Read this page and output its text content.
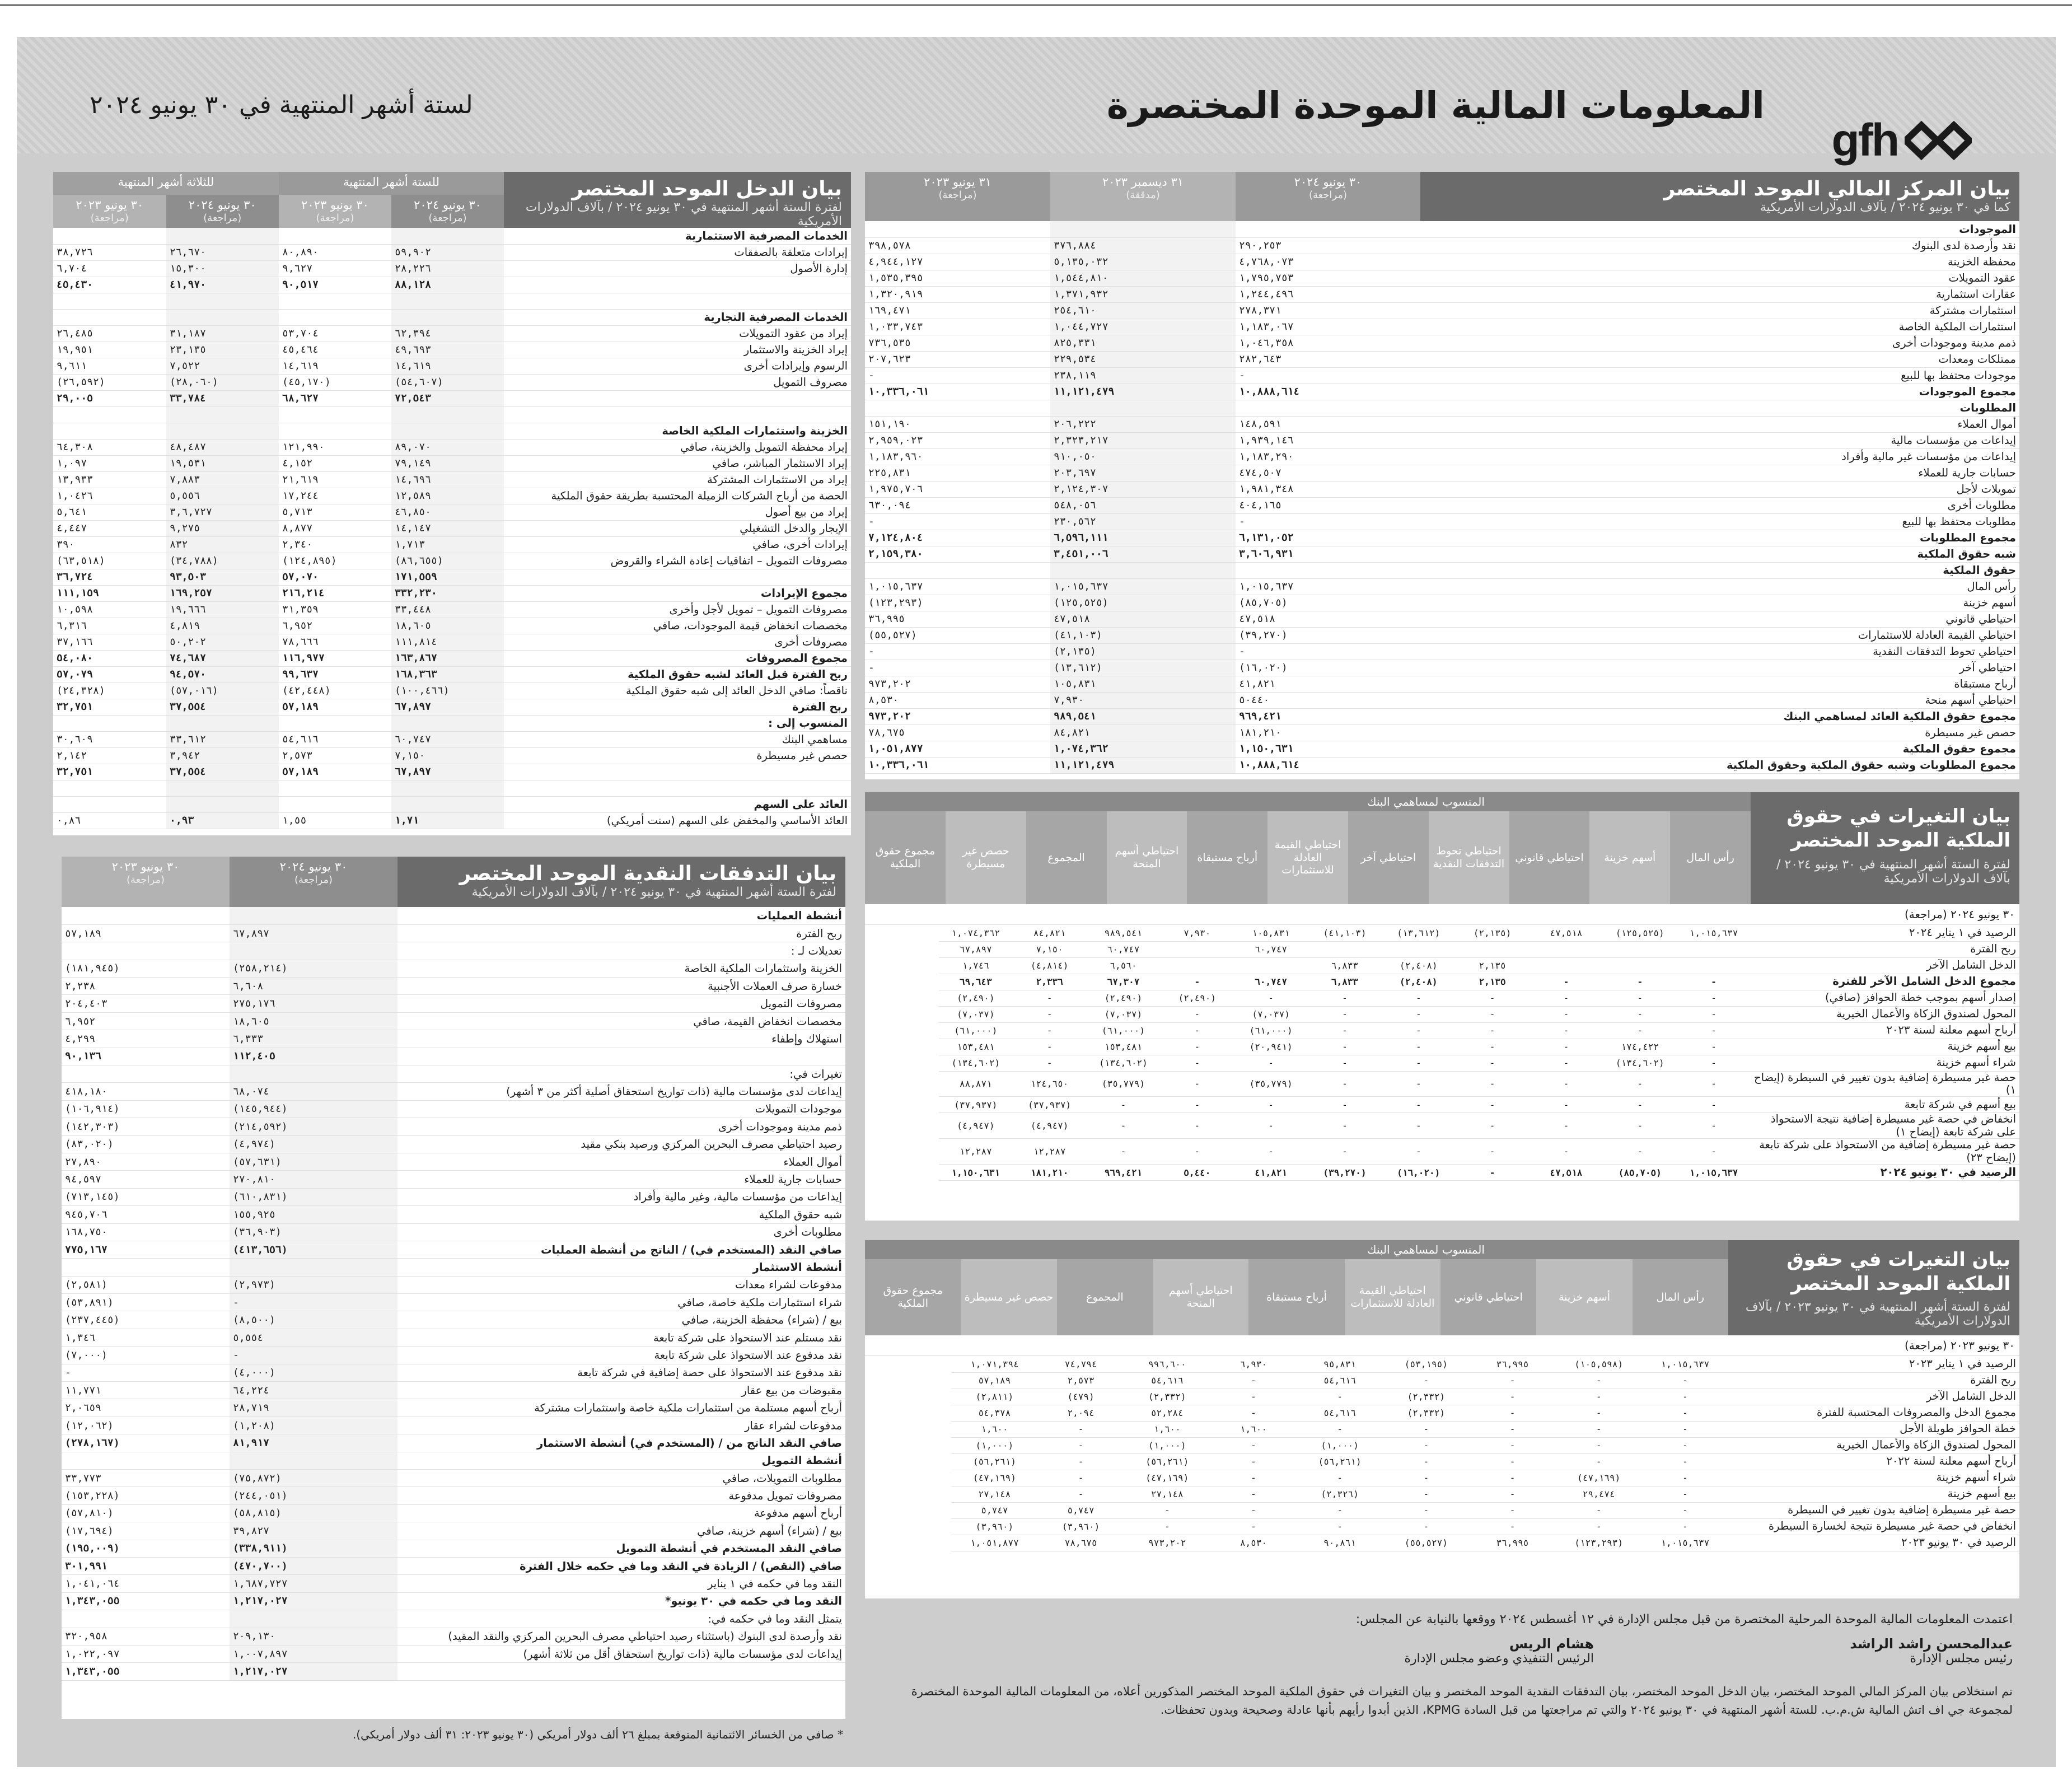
gfh
المعلومات المالية الموحدة المختصرة
لستة أشهر المنتهية في ٣٠ يونيو ٢٠٢٤
بيان المركز المالي الموحد المختصر
كما في ٣٠ يونيو ٢٠٢٤ / بآلاف الدولارات الأمريكية
٣٠ يونيو ٢٠٢٤
(مراجعة)
٣١ ديسمبر ٢٠٢٣
(مدققة)
٣١ يونيو ٢٠٢٣
(مراجعة)
الموجودات			
نقد وأرصدة لدى البنوك	٢٩٠,٢٥٣	٣٧٦,٨٨٤	٣٩٨,٥٧٨
محفظة الخزينة	٤,٧٦٨,٠٧٣	٥,١٣٥,٠٣٢	٤,٩٤٤,١٢٧
عقود التمويلات	١,٧٩٥,٧٥٣	١,٥٤٤,٨١٠	١,٥٣٥,٣٩٥
عقارات استثمارية	١,٢٤٤,٤٩٦	١,٣٧١,٩٣٢	١,٣٢٠,٩١٩
استثمارات مشتركة	٢٧٨,٣٧١	٢٥٤,٦١٠	١٦٩,٤٧١
استثمارات الملكية الخاصة	١,١٨٣,٠٦٧	١,٠٤٤,٧٢٧	١,٠٣٣,٧٤٣
ذمم مدينة وموجودات أخرى	١,٠٤٦,٣٥٨	٨٢٥,٣٣١	٧٣٦,٥٣٥
ممتلكات ومعدات	٢٨٢,٦٤٣	٢٢٩,٥٣٤	٢٠٧,٦٢٣
موجودات محتفظ بها للبيع	-	٢٣٨,١١٩	-
مجموع الموجودات	١٠,٨٨٨,٦١٤	١١,١٢١,٤٧٩	١٠,٣٣٦,٠٦١
المطلوبات			
أموال العملاء	١٤٨,٥٩١	٢٠٦,٢٢٢	١٥١,١٩٠
إيداعات من مؤسسات مالية	١,٩٣٩,١٤٦	٢,٣٢٣,٢١٧	٢,٩٥٩,٠٢٣
إيداعات من مؤسسات غير مالية وأفراد	١,١٨٣,٢٩٠	٩١٠,٠٥٠	١,١٨٣,٩٦٠
حسابات جارية للعملاء	٤٧٤,٥٠٧	٢٠٣,٦٩٧	٢٢٥,٨٣١
تمويلات لأجل	١,٩٨١,٣٤٨	٢,١٢٤,٣٠٧	١,٩٧٥,٧٠٦
مطلوبات أخرى	٤٠٤,١٦٥	٥٤٨,٠٥٦	٦٣٠,٠٩٤
مطلوبات محتفظ بها للبيع	-	٢٣٠,٥٦٢	-
مجموع المطلوبات	٦,١٣١,٠٥٢	٦,٥٩٦,١١١	٧,١٢٤,٨٠٤
شبه حقوق الملكية	٣,٦٠٦,٩٣١	٣,٤٥١,٠٠٦	٢,١٥٩,٣٨٠
حقوق الملكية			
رأس المال	١,٠١٥,٦٣٧	١,٠١٥,٦٣٧	١,٠١٥,٦٣٧
أسهم خزينة	(٨٥,٧٠٥)	(١٢٥,٥٢٥)	(١٢٣,٢٩٣)
احتياطي قانوني	٤٧,٥١٨	٤٧,٥١٨	٣٦,٩٩٥
احتياطي القيمة العادلة للاستثمارات	(٣٩,٢٧٠)	(٤١,١٠٣)	(٥٥,٥٢٧)
احتياطي تحوط التدفقات النقدية	-	(٢,١٣٥)	-
احتياطي آخر	(١٦,٠٢٠)	(١٣,٦١٢)	-
أرباح مستبقاة	٤١,٨٢١	١٠٥,٨٣١	٩٧٣,٢٠٢
احتياطي أسهم منحة	٥٠٤٤٠	٧,٩٣٠	٨,٥٣٠
مجموع حقوق الملكية العائد لمساهمي البنك	٩٦٩,٤٢١	٩٨٩,٥٤١	٩٧٣,٢٠٢
حصص غير مسيطرة	١٨١,٢١٠	٨٤,٨٢١	٧٨,٦٧٥
مجموع حقوق الملكية	١,١٥٠,٦٣١	١,٠٧٤,٣٦٢	١,٠٥١,٨٧٧
مجموع المطلوبات وشبه حقوق الملكية وحقوق الملكية	١٠,٨٨٨,٦١٤	١١,١٢١,٤٧٩	١٠,٣٣٦,٠٦١
بيان الدخل الموحد المختصر
لفترة الستة أشهر المنتهية في ٣٠ يونيو ٢٠٢٤ / بآلاف الدولارات الأمريكية
للستة أشهر المنتهية
٣٠ يونيو ٢٠٢٤
(مراجعة)
٣٠ يونيو ٢٠٢٣
(مراجعة)
للثلاثة أشهر المنتهية
٣٠ يونيو ٢٠٢٤
(مراجعة)
٣٠ يونيو ٢٠٢٣
(مراجعة)
الخدمات المصرفية الاستثمارية				
إيرادات متعلقة بالصفقات	٥٩,٩٠٢	٨٠,٨٩٠	٢٦,٦٧٠	٣٨,٧٢٦
إدارة الأصول	٢٨,٢٢٦	٩,٦٢٧	١٥,٣٠٠	٦,٧٠٤
	٨٨,١٢٨	٩٠,٥١٧	٤١,٩٧٠	٤٥,٤٣٠

الخدمات المصرفية التجارية				
إيراد من عقود التمويلات	٦٢,٣٩٤	٥٣,٧٠٤	٣١,١٨٧	٢٦,٤٨٥
إيراد الخزينة والاستثمار	٤٩,٦٩٣	٤٥,٤٦٤	٢٣,١٣٥	١٩,٩٥١
الرسوم وإيرادات أخرى	١٤,٦١٩	١٤,٦١٩	٧,٥٢٢	٩,٦١١
مصروف التمويل	(٥٤,٦٠٧)	(٤٥,١٧٠)	(٢٨,٠٦٠)	(٢٦,٥٩٢)
	٧٢,٥٤٣	٦٨,٦٢٧	٣٣,٧٨٤	٢٩,٠٠٥

الخزينة واستثمارات الملكية الخاصة				
إيراد محفظة التمويل والخزينة، صافي	٨٩,٠٧٠	١٢١,٩٩٠	٤٨,٤٨٧	٦٤,٣٠٨
إيراد الاستثمار المباشر، صافي	٧٩,١٤٩	٤,١٥٢	١٩,٥٣١	١,٠٩٧
إيراد من الاستثمارات المشتركة	١٤,٦٩٦	٢١,٦١٩	٧,٨٨٣	١٣,٩٣٣
الحصة من أرباح الشركات الزميلة المحتسبة بطريقة حقوق الملكية	١٢,٥٨٩	١٧,٢٤٤	٥,٥٥٦	١,٠٤٢٦
إيراد من بيع أصول	٤٦,٨٥٠	٥,٧١٣	٣,٦,٧٢٧	٥,٦٤١
الإيجار والدخل التشغيلي	١٤,١٤٧	٨,٨٧٧	٩,٢٧٥	٤,٤٤٧
إيرادات أخرى، صافي	١,٧١٣	٢,٣٤٠	٨٣٢	٣٩٠
مصروفات التمويل – اتفاقيات إعادة الشراء والقروض	(٨٦,٦٥٥)	(١٢٤,٨٩٥)	(٣٤,٧٨٨)	(٦٣,٥١٨)
	١٧١,٥٥٩	٥٧,٠٧٠	٩٣,٥٠٣	٣٦,٧٢٤
مجموع الإيرادات	٣٣٢,٢٣٠	٢١٦,٢١٤	١٦٩,٢٥٧	١١١,١٥٩
مصروفات التمويل – تمويل لأجل وأخرى	٣٣,٤٤٨	٣١,٣٥٩	١٩,٦٦٦	١٠,٥٩٨
مخصصات انخفاض قيمة الموجودات، صافي	١٨,٦٠٥	٦,٩٥٢	٤,٨١٩	٦,٣١٦
مصروفات أخرى	١١١,٨١٤	٧٨,٦٦٦	٥٠,٢٠٢	٣٧,١٦٦
مجموع المصروفات	١٦٣,٨٦٧	١١٦,٩٧٧	٧٤,٦٨٧	٥٤,٠٨٠
ربح الفترة قبل العائد لشبه حقوق الملكية	١٦٨,٣٦٣	٩٩,٦٣٧	٩٤,٥٧٠	٥٧,٠٧٩
ناقصاً: صافي الدخل العائد إلى شبه حقوق الملكية	(١٠٠,٤٦٦)	(٤٢,٤٤٨)	(٥٧,٠١٦)	(٢٤,٣٢٨)
ربح الفترة	٦٧,٨٩٧	٥٧,١٨٩	٣٧,٥٥٤	٣٢,٧٥١
المنسوب إلى :				
مساهمي البنك	٦٠,٧٤٧	٥٤,٦١٦	٣٣,٦١٢	٣٠,٦٠٩
حصص غير مسيطرة	٧,١٥٠	٢,٥٧٣	٣,٩٤٢	٢,١٤٢
	٦٧,٨٩٧	٥٧,١٨٩	٣٧,٥٥٤	٣٢,٧٥١

العائد على السهم				
العائد الأساسي والمخفض على السهم (سنت أمريكي)	١,٧١	١,٥٥	٠,٩٣	٠,٨٦
بيان التدفقات النقدية الموحد المختصر
لفترة الستة أشهر المنتهية في ٣٠ يونيو ٢٠٢٤ / بآلاف الدولارات الأمريكية
٣٠ يونيو ٢٠٢٤
(مراجعة)
٣٠ يونيو ٢٠٢٣
(مراجعة)
أنشطة العمليات		
ربح الفترة	٦٧,٨٩٧	٥٧,١٨٩
تعديلات لـ :		
الخزينة واستثمارات الملكية الخاصة	(٢٥٨,٢١٤)	(١٨١,٩٤٥)
خسارة صرف العملات الأجنبية	٦,٦٠٨	٢,٢٣٨
مصروفات التمويل	٢٧٥,١٧٦	٢٠٤,٤٠٣
مخصصات انخفاض القيمة، صافي	١٨,٦٠٥	٦,٩٥٢
استهلاك وإطفاء	٦,٣٣٣	٤,٢٩٩
	١١٢,٤٠٥	٩٠,١٣٦
تغيرات في:		
إيداعات لدى مؤسسات مالية (ذات تواريخ استحقاق أصلية أكثر من ٣ أشهر)	٦٨,٠٧٤	٤١٨,١٨٠
موجودات التمويلات	(١٤٥,٩٤٤)	(١٠٦,٩١٤)
ذمم مدينة وموجودات أخرى	(٢١٤,٥٩٢)	(١٤٢,٣٠٣)
رصيد احتياطي مصرف البحرين المركزي ورصيد بنكي مقيد	(٤,٩٧٤)	(٨٣,٠٢٠)
أموال العملاء	(٥٧,٦٣١)	٢٧,٨٩٠
حسابات جارية للعملاء	٢٧٠,٨١٠	٩٤,٥٩٧
إيداعات من مؤسسات مالية، وغير مالية وأفراد	(٦١٠,٨٣١)	(٧١٣,١٤٥)
شبه حقوق الملكية	١٥٥,٩٢٥	٩٤٥,٧٠٦
مطلوبات أخرى	(٣٦,٩٠٣)	١٦٨,٧٥٠
صافي النقد (المستخدم في) / الناتج من أنشطة العمليات	(٤١٣,٦٥٦)	٧٧٥,١٦٧
أنشطة الاستثمار		
مدفوعات لشراء معدات	(٢,٩٧٣)	(٢,٥٨١)
شراء استثمارات ملكية خاصة، صافي	-	(٥٣,٨٩١)
بيع / (شراء) محفظة الخزينة، صافي	(٨,٥٠٠)	(٢٣٧,٤٤٥)
نقد مستلم عند الاستحواذ على شركة تابعة	٥,٥٥٤	١,٣٤٦
نقد مدفوع عند الاستحواذ على شركة تابعة	-	(٧,٠٠٠)
نقد مدفوع عند الاستحواذ على حصة إضافية في شركة تابعة	(٤,٠٠٠)	-
مقبوضات من بيع عقار	٦٤,٢٢٤	١١,٧٧١
أرباح أسهم مستلمة من استثمارات ملكية خاصة واستثمارات مشتركة	٢٨,٧١٩	٢,٠٦٥٩
مدفوعات لشراء عقار	(١,٢٠٨)	(١٢,٠٦٢)
صافي النقد الناتج من / (المستخدم في) أنشطة الاستثمار	٨١,٩١٧	(٢٧٨,١٦٧)
أنشطة التمويل		
مطلوبات التمويلات، صافي	(٧٥,٨٧٢)	٣٣,٧٧٣
مصروفات تمويل مدفوعة	(٢٤٤,٠٥١)	(١٥٣,٢٢٨)
أرباح أسهم مدفوعة	(٥٨,٨١٥)	(٥٧,٨١٠)
بيع / (شراء) أسهم خزينة، صافي	٣٩,٨٢٧	(١٧,٦٩٤)
صافي النقد المستخدم في أنشطة التمويل	(٣٣٨,٩١١)	(١٩٥,٠٠٩)
صافي (النقص) / الزيادة في النقد وما في حكمه خلال الفترة	(٤٧٠,٧٠٠)	٣٠١,٩٩١
النقد وما في حكمه في ١ يناير	١,٦٨٧,٧٢٧	١,٠٤١,٠٦٤
النقد وما في حكمه في ٣٠ يونيو*	١,٢١٧,٠٢٧	١,٣٤٣,٠٥٥
يتمثل النقد وما في حكمه في:		
نقد وأرصدة لدى البنوك (باستثناء رصيد احتياطي مصرف البحرين المركزي والنقد المقيد)	٢٠٩,١٣٠	٣٢٠,٩٥٨
إيداعات لدى مؤسسات مالية (ذات تواريخ استحقاق أقل من ثلاثة أشهر)	١,٠٠٧,٨٩٧	١,٠٢٢,٠٩٧
	١,٢١٧,٠٢٧	١,٣٤٣,٠٥٥
* صافي من الخسائر الائتمانية المتوقعة بمبلغ ٢٦ ألف دولار أمريكي (٣٠ يونيو ٢٠٢٣: ٣١ ألف دولار أمريكي).
بيان التغيرات في حقوق الملكية الموحد المختصر
لفترة الستة أشهر المنتهية في ٣٠ يونيو ٢٠٢٤ / بآلاف الدولارات الأمريكية
المنسوب لمساهمي البنك
رأس المال
أسهم خزينة
احتياطي قانوني
احتياطي تحوط التدفقات النقدية
احتياطي آخر
احتياطي القيمة العادلة للاستثمارات
أرباح مستبقاة
احتياطي أسهم المنحة
المجموع
حصص غير مسيطرة
مجموع حقوق الملكية
٣٠ يونيو ٢٠٢٤ (مراجعة)
الرصيد في ١ يناير ٢٠٢٤	١,٠١٥,٦٣٧	(١٢٥,٥٢٥)	٤٧,٥١٨	(٢,١٣٥)	(١٣,٦١٢)	(٤١,١٠٣)	١٠٥,٨٣١	٧,٩٣٠	٩٨٩,٥٤١	٨٤,٨٢١	١,٠٧٤,٣٦٢
ربح الفترة							٦٠,٧٤٧		٦٠,٧٤٧	٧,١٥٠	٦٧,٨٩٧
الدخل الشامل الآخر				٢,١٣٥	(٢,٤٠٨)	٦,٨٣٣			٦,٥٦٠	(٤,٨١٤)	١,٧٤٦
مجموع الدخل الشامل الآخر للفترة	-	-	-	٢,١٣٥	(٢,٤٠٨)	٦,٨٣٣	٦٠,٧٤٧	-	٦٧,٣٠٧	٢,٣٣٦	٦٩,٦٤٣
إصدار أسهم بموجب خطة الحوافز (صافي)	-	-	-	-	-	-	-	(٢,٤٩٠)	(٢,٤٩٠)	-	(٢,٤٩٠)
المحول لصندوق الزكاة والأعمال الخيرية	-	-	-	-	-	-	(٧,٠٣٧)	-	(٧,٠٣٧)	-	(٧,٠٣٧)
أرباح أسهم معلنة لسنة ٢٠٢٣	-	-	-	-	-	-	(٦١,٠٠٠)	-	(٦١,٠٠٠)	-	(٦١,٠٠٠)
بيع أسهم خزينة	-	١٧٤,٤٢٢	-	-	-	-	(٢٠,٩٤١)	-	١٥٣,٤٨١	-	١٥٣,٤٨١
شراء أسهم خزينة	-	(١٣٤,٦٠٢)	-	-	-	-	-	-	(١٣٤,٦٠٢)	-	(١٣٤,٦٠٢)
حصة غير مسيطرة إضافية بدون تغيير في السيطرة (إيضاح ١)	-	-	-	-	-	-	(٣٥,٧٧٩)	-	(٣٥,٧٧٩)	١٢٤,٦٥٠	٨٨,٨٧١
بيع أسهم في شركة تابعة	-	-	-	-	-	-	-	-	-	(٣٧,٩٣٧)	(٣٧,٩٣٧)
انخفاض في حصة غير مسيطرة إضافية نتيجة الاستحواذ على شركة تابعة (إيضاح ١)	-	-	-	-	-	-	-	-	-	(٤,٩٤٧)	(٤,٩٤٧)
حصة غير مسيطرة إضافية من الاستحواذ على شركة تابعة (إيضاح ٢٣)	-	-	-	-	-	-	-	-	-	١٢,٢٨٧	١٢,٢٨٧
الرصيد في ٣٠ يونيو ٢٠٢٤	١,٠١٥,٦٣٧	(٨٥,٧٠٥)	٤٧,٥١٨	-	(١٦,٠٢٠)	(٣٩,٢٧٠)	٤١,٨٢١	٥,٤٤٠	٩٦٩,٤٢١	١٨١,٢١٠	١,١٥٠,٦٣١
بيان التغيرات في حقوق الملكية الموحد المختصر
لفترة الستة أشهر المنتهية في ٣٠ يونيو ٢٠٢٣ / بآلاف الدولارات الأمريكية
المنسوب لمساهمي البنك
رأس المال
أسهم خزينة
احتياطي قانوني
احتياطي القيمة العادلة للاستثمارات
أرباح مستبقاة
احتياطي أسهم المنحة
المجموع
حصص غير مسيطرة
مجموع حقوق الملكية
٣٠ يونيو ٢٠٢٣ (مراجعة)
الرصيد في ١ يناير ٢٠٢٣	١,٠١٥,٦٣٧	(١٠٥,٥٩٨)	٣٦,٩٩٥	(٥٣,١٩٥)	٩٥,٨٣١	٦,٩٣٠	٩٩٦,٦٠٠	٧٤,٧٩٤	١,٠٧١,٣٩٤
ربح الفترة	-	-	-	-	٥٤,٦١٦	-	٥٤,٦١٦	٢,٥٧٣	٥٧,١٨٩
الدخل الشامل الآخر	-	-	-	(٢,٣٣٢)	-	-	(٢,٣٣٢)	(٤٧٩)	(٢,٨١١)
مجموع الدخل والمصروفات المحتسبة للفترة	-	-	-	(٢,٣٣٢)	٥٤,٦١٦	-	٥٢,٢٨٤	٢,٠٩٤	٥٤,٣٧٨
خطة الحوافز طويلة الأجل	-	-	-	-	-	١,٦٠٠	١,٦٠٠	-	١,٦٠٠
المحول لصندوق الزكاة والأعمال الخيرية	-	-	-	-	(١,٠٠٠)	-	(١,٠٠٠)	-	(١,٠٠٠)
أرباح أسهم معلنة لسنة ٢٠٢٢	-	-	-	-	(٥٦,٢٦١)	-	(٥٦,٢٦١)	-	(٥٦,٢٦١)
شراء أسهم خزينة	-	(٤٧,١٦٩)	-	-	-	-	(٤٧,١٦٩)	-	(٤٧,١٦٩)
بيع أسهم خزينة	-	٢٩,٤٧٤	-	-	(٢,٣٢٦)	-	٢٧,١٤٨	-	٢٧,١٤٨
حصة غير مسيطرة إضافية بدون تغيير في السيطرة	-	-	-	-	-	-	-	٥,٧٤٧	٥,٧٤٧
انخفاض في حصة غير مسيطرة نتيجة لخسارة السيطرة	-	-	-	-	-	-	-	(٣,٩٦٠)	(٣,٩٦٠)
الرصيد في ٣٠ يونيو ٢٠٢٣	١,٠١٥,٦٣٧	(١٢٣,٢٩٣)	٣٦,٩٩٥	(٥٥,٥٢٧)	٩٠,٨٦١	٨,٥٣٠	٩٧٣,٢٠٢	٧٨,٦٧٥	١,٠٥١,٨٧٧
اعتمدت المعلومات المالية الموحدة المرحلية المختصرة من قبل مجلس الإدارة في ١٢ أغسطس ٢٠٢٤ ووقعها بالنيابة عن المجلس:
عبدالمحسن راشد الراشد
رئيس مجلس الإدارة
هشام الريس
الرئيس التنفيذي وعضو مجلس الإدارة
تم استخلاص بيان المركز المالي الموحد المختصر، بيان الدخل الموحد المختصر، بيان التدفقات النقدية الموحد المختصر و بيان التغيرات في حقوق الملكية الموحد المختصر المذكورين أعلاه، من المعلومات المالية الموحدة المختصرة لمجموعة جي اف اتش المالية ش.م.ب. للستة أشهر المنتهية في ٣٠ يونيو ٢٠٢٤ والتي تم مراجعتها من قبل السادة KPMG، الذين أبدوا رأيهم بأنها عادلة وصحيحة وبدون تحفظات.
